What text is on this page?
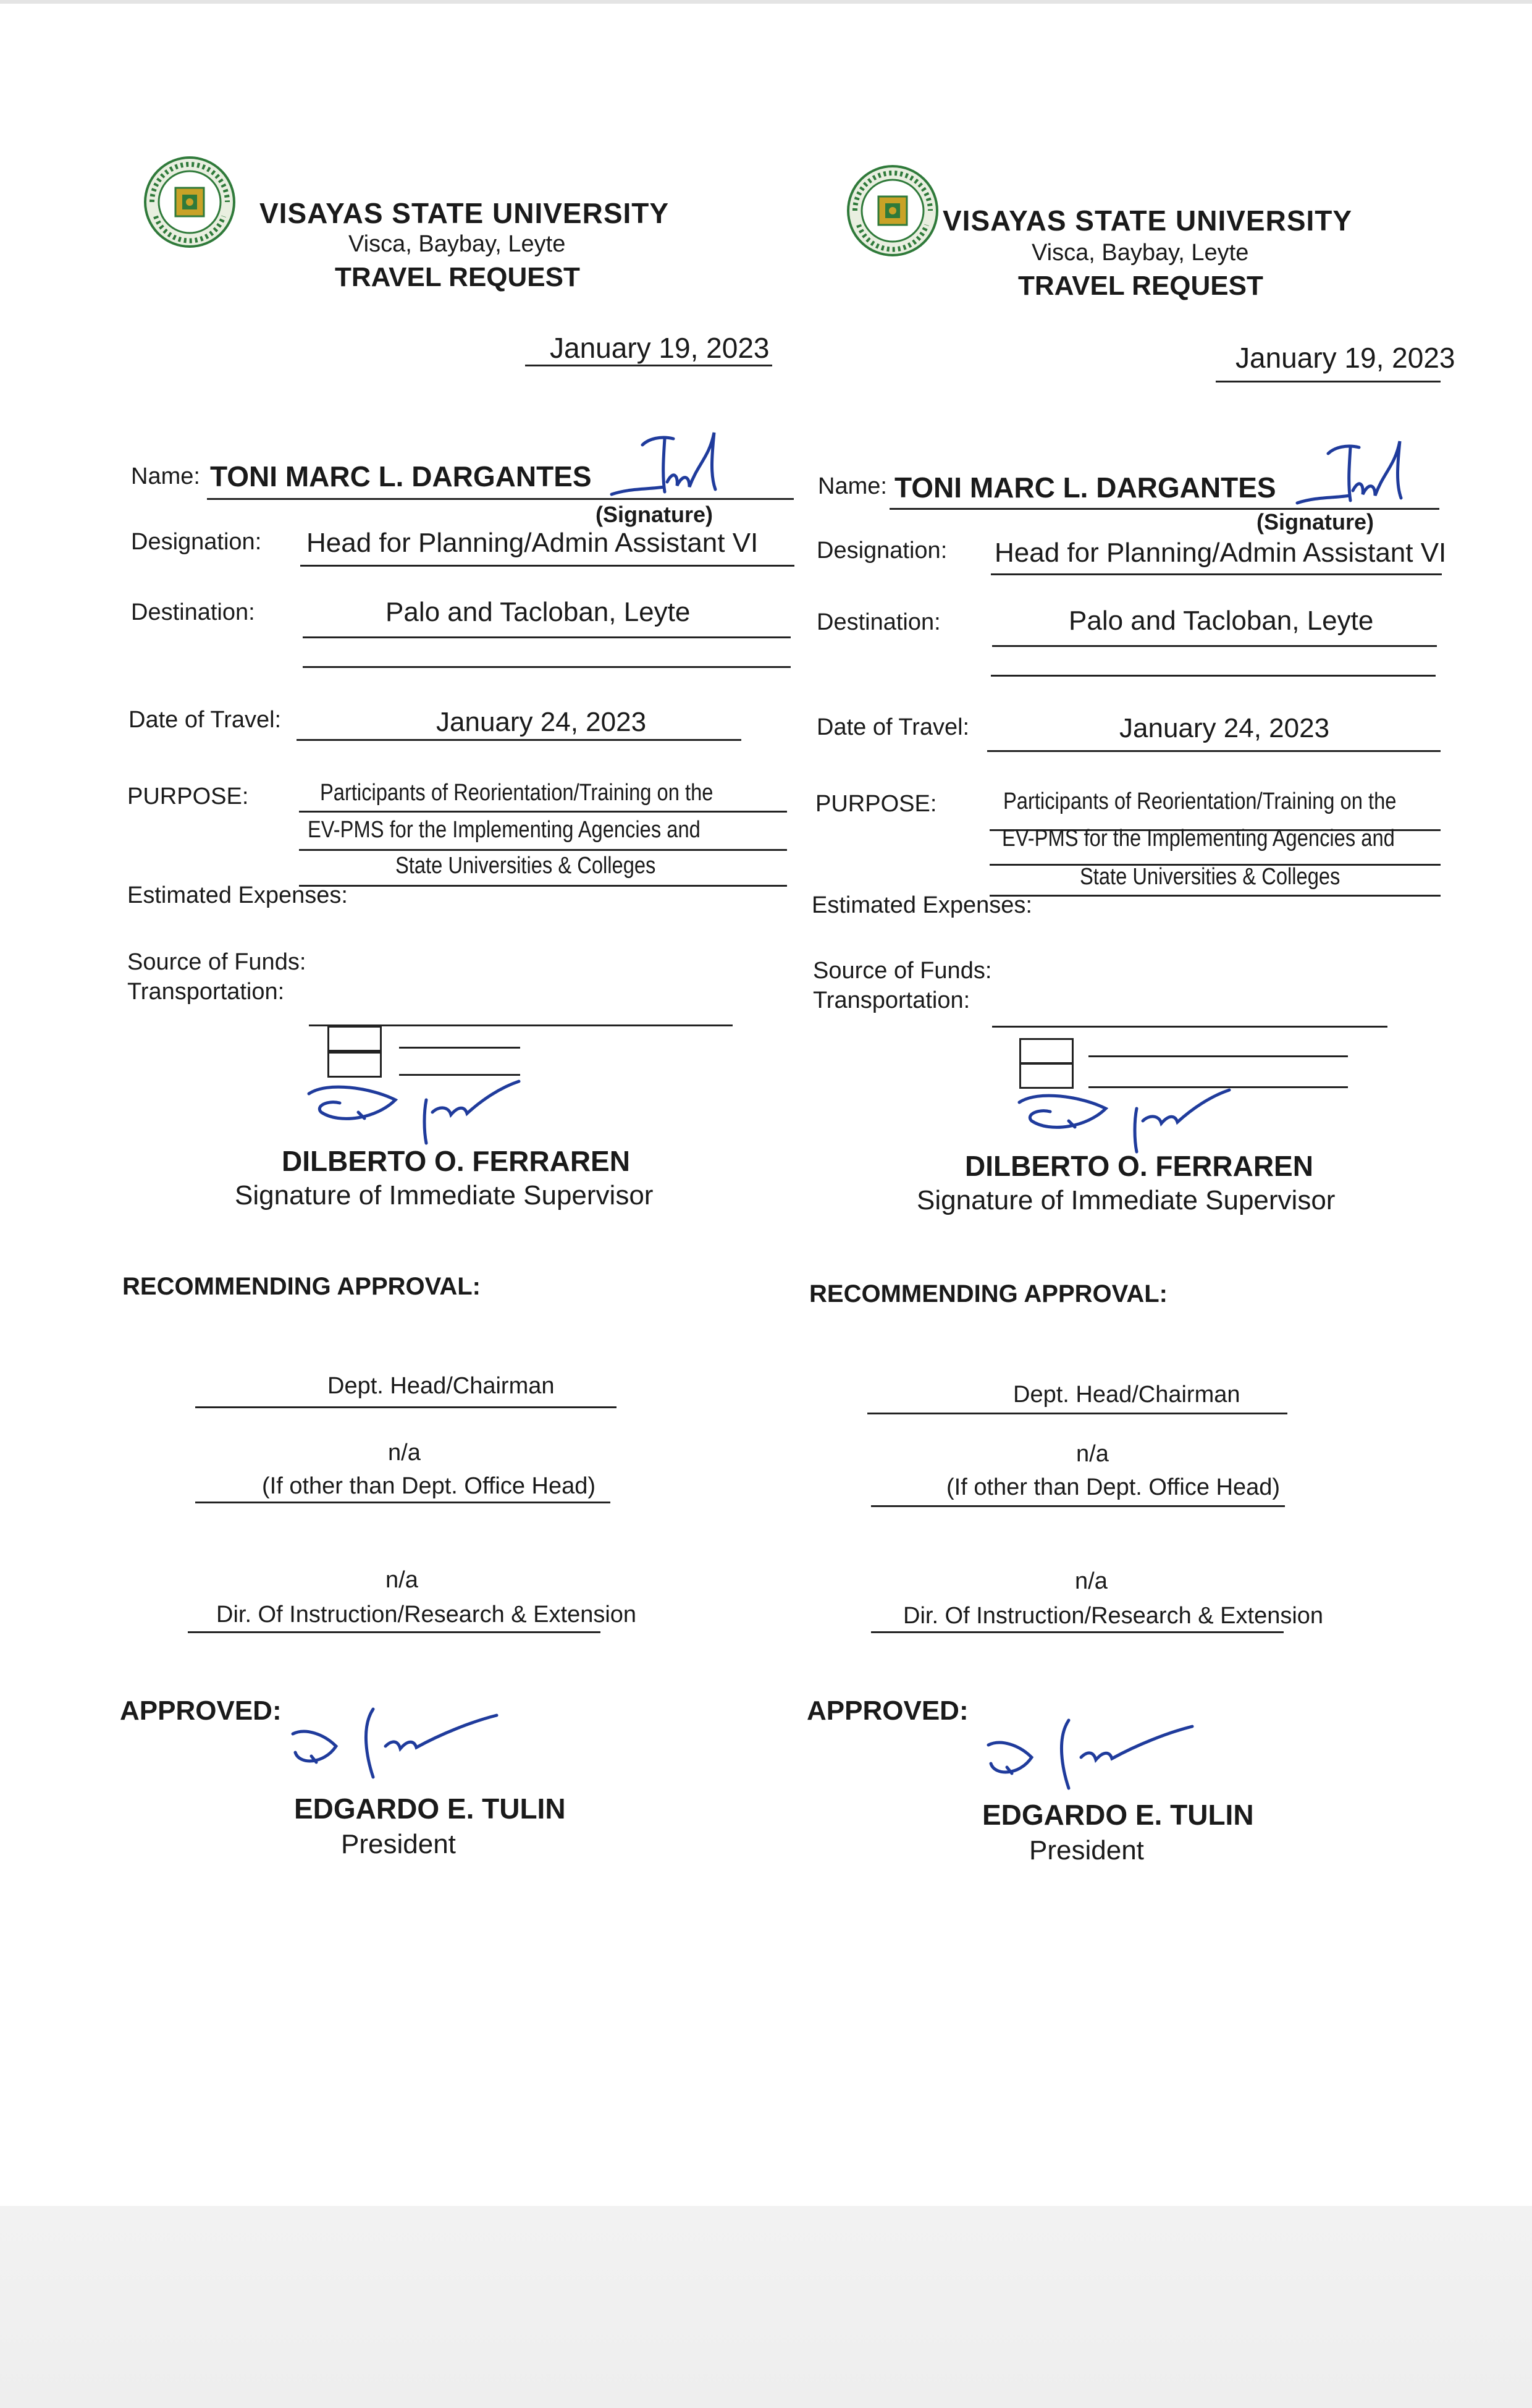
VISAYAS STATE UNIVERSITY
Visca, Baybay, Leyte
TRAVEL REQUEST
January 19, 2023
Name: TONI MARC L. DARGANTES
(Signature)
Designation: Head for Planning/Admin Assistant VI
Destination:	Palo and Tacloban, Leyte
Date of Travel:	January 24, 2023
PURPOSE:	Participants of Reorientation/Training on the
EV-PMS for the Implementing Agencies and
State Universities & Colleges
Estimated Expenses:
Source of Funds:
Transportation:
DILBERTO O. FERRAREN
Signature of Immediate Supervisor
RECOMMENDING APPROVAL:
Dept. Head/Chairman
n/a
(If other than Dept. Office Head)
n/a
Dir. Of Instruction/Research & Extension
APPROVED:
EDGARDO E. TULIN
President
VISAYAS STATE UNIVERSITY
Visca, Baybay, Leyte
TRAVEL REQUEST
January 19, 2023
Name: TONI MARC L. DARGANTES
(Signature)
Designation: Head for Planning/Admin Assistant VI
Destination:	Palo and Tacloban, Leyte
Date of Travel:	January 24, 2023
PURPOSE:	Participants of Reorientation/Training on the
EV-PMS for the Implementing Agencies and
State Universities & Colleges
Estimated Expenses:
Source of Funds:
Transportation:
DILBERTO O. FERRAREN
Signature of Immediate Supervisor
RECOMMENDING APPROVAL:
Dept. Head/Chairman
n/a
(If other than Dept. Office Head)
n/a
Dir. Of Instruction/Research & Extension
APPROVED:
EDGARDO E. TULIN
President
